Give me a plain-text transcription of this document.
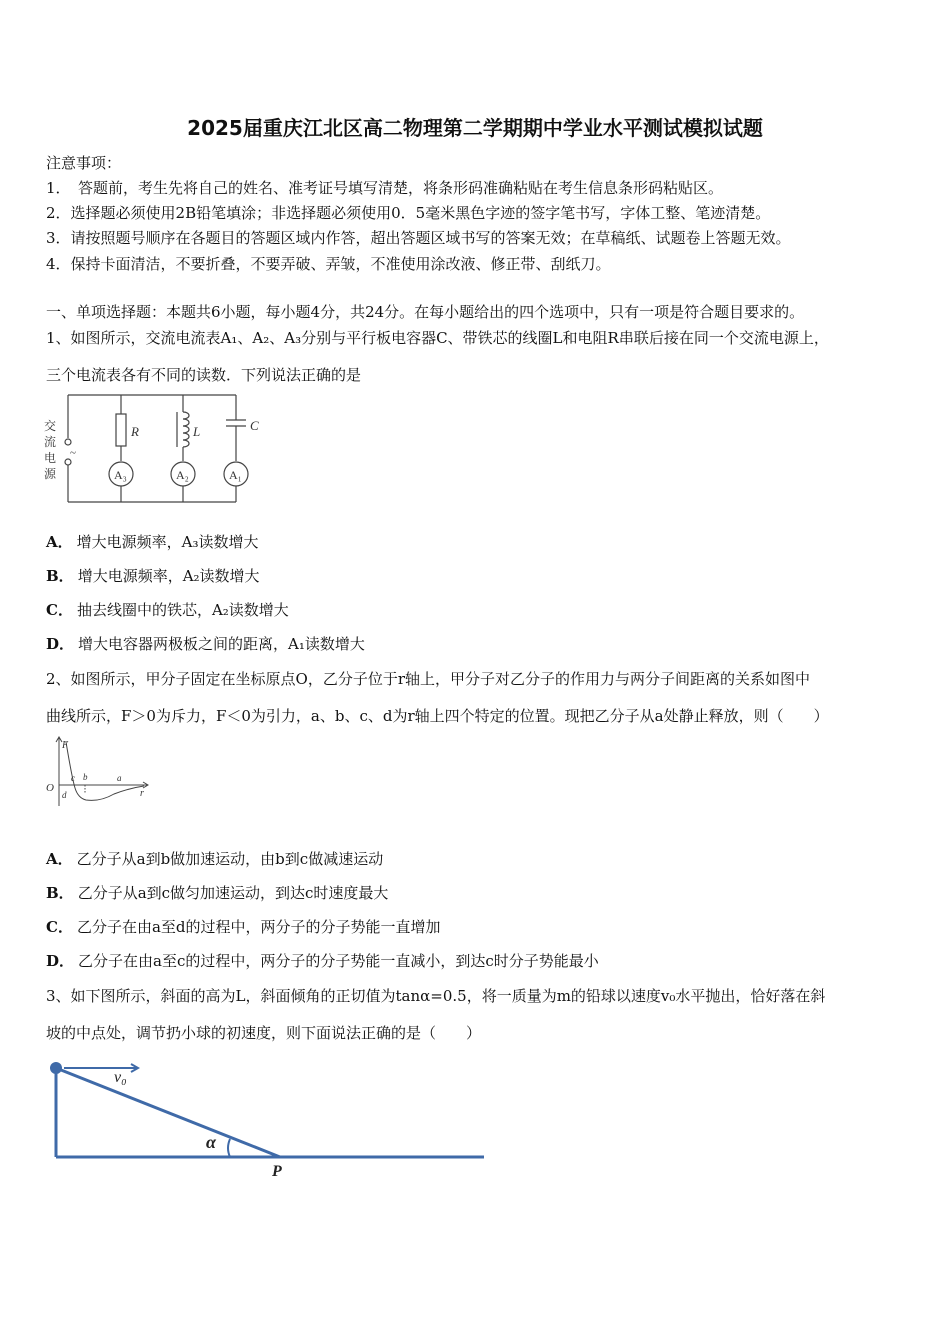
2025届重庆江北区高二物理第二学期期中学业水平测试模拟试题
注意事项：
1．　答题前，考生先将自己的姓名、准考证号填写清楚，将条形码准确粘贴在考生信息条形码粘贴区。
2．选择题必须使用2B铅笔填涂；非选择题必须使用0．5毫米黑色字迹的签字笔书写，字体工整、笔迹清楚。
3．请按照题号顺序在各题目的答题区域内作答，超出答题区域书写的答案无效；在草稿纸、试题卷上答题无效。
4．保持卡面清洁，不要折叠，不要弄破、弄皱，不准使用涂改液、修正带、刮纸刀。
一、单项选择题：本题共6小题，每小题4分，共24分。在每小题给出的四个选项中，只有一项是符合题目要求的。
1、如图所示，交流电流表A₁、A₂、A₃分别与平行板电容器C、带铁芯的线圈L和电阻R串联后接在同一个交流电源上，
三个电流表各有不同的读数．下列说法正确的是
~
交
流
电
源
R	L	C
A₃	A₂	A₁
A． 增大电源频率，A₃读数增大
B． 增大电源频率，A₂读数增大
C． 抽去线圈中的铁芯，A₂读数增大
D． 增大电容器两极板之间的距离，A₁读数增大
2、如图所示，甲分子固定在坐标原点O，乙分子位于r轴上，甲分子对乙分子的作用力与两分子间距离的关系如图中
曲线所示，F＞0为斥力，F＜0为引力，a、b、c、d为r轴上四个特定的位置。现把乙分子从a处静止释放，则（　　）
F
O	r
c b	a
d
A． 乙分子从a到b做加速运动，由b到c做减速运动
B． 乙分子从a到c做匀加速运动，到达c时速度最大
C． 乙分子在由a至d的过程中，两分子的分子势能一直增加
D． 乙分子在由a至c的过程中，两分子的分子势能一直减小，到达c时分子势能最小
3、如下图所示，斜面的高为L，斜面倾角的正切值为tanα=0.5，将一质量为m的铅球以速度v₀水平抛出，恰好落在斜
坡的中点处，调节扔小球的初速度，则下面说法正确的是（　　）
v₀
α
P
